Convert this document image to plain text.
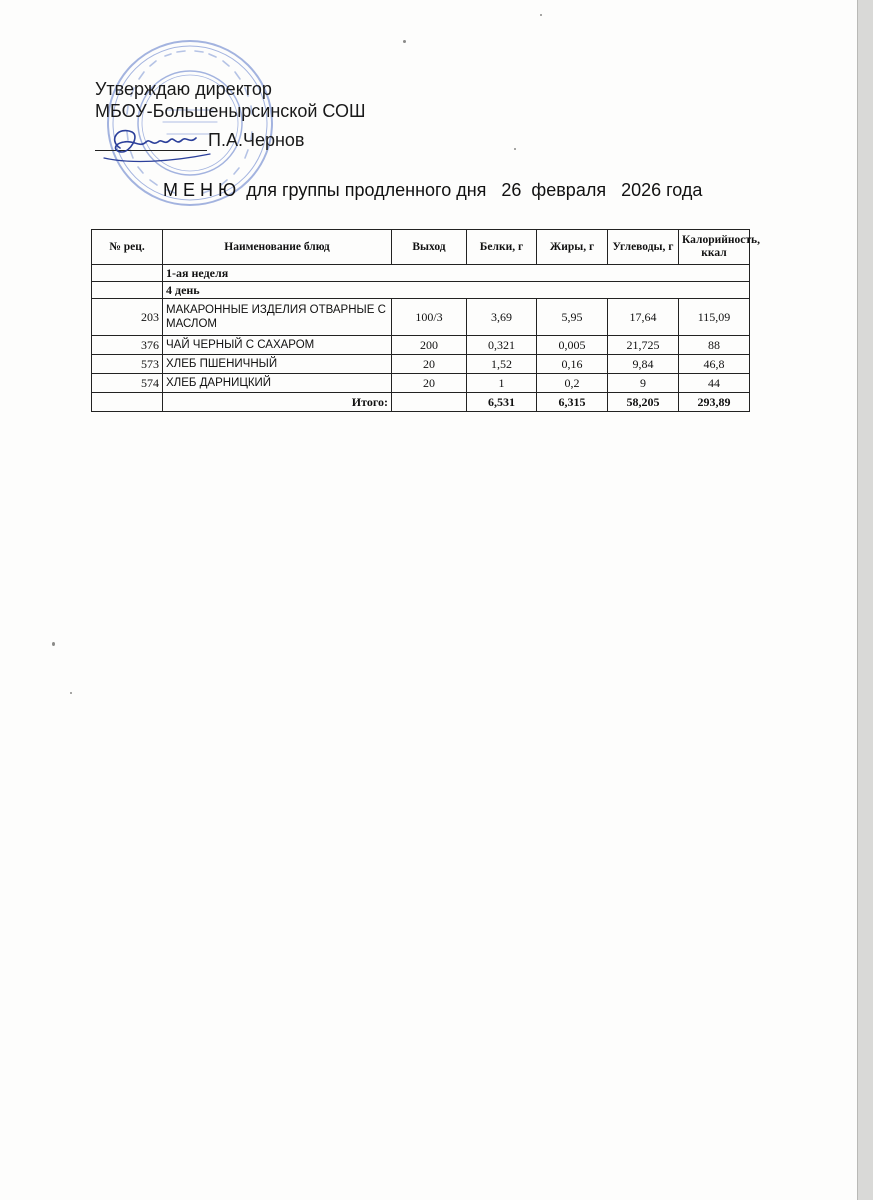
Утверждаю директор
МБОУ-Большенырсинской СОШ
П.А.Чернов
М Е Н Ю  для группы продленного дня   26  февраля   2026 года
№ рец.	Наименование блюд	Выход	Белки, г	Жиры, г	Углеводы, г	Калорийность, ккал
	1-ая неделя					
	4 день					
203	МАКАРОННЫЕ ИЗДЕЛИЯ ОТВАРНЫЕ С МАСЛОМ	100/3	3,69	5,95	17,64	115,09
376	ЧАЙ ЧЕРНЫЙ С САХАРОМ	200	0,321	0,005	21,725	88
573	ХЛЕБ ПШЕНИЧНЫЙ	20	1,52	0,16	9,84	46,8
574	ХЛЕБ ДАРНИЦКИЙ	20	1	0,2	9	44
	Итого:		6,531	6,315	58,205	293,89
